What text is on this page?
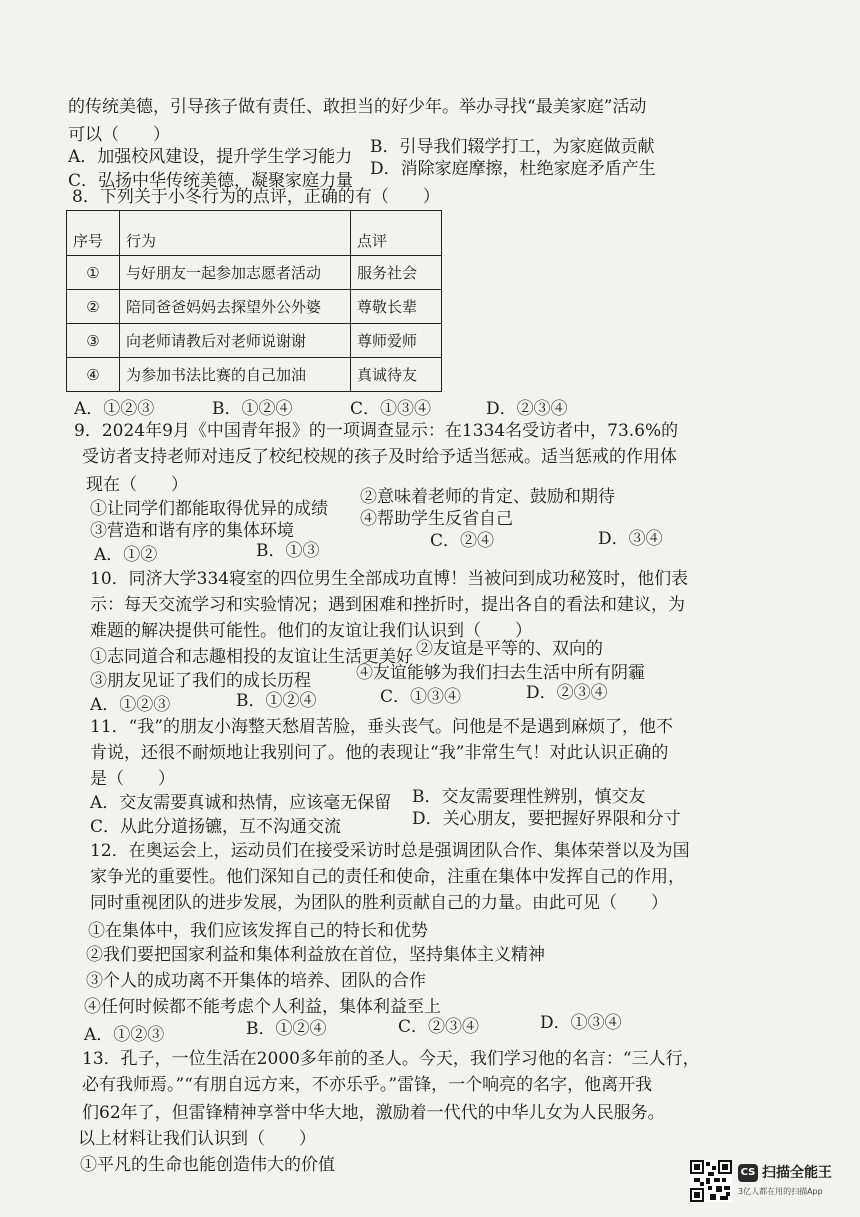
的传统美德，引导孩子做有责任、敢担当的好少年。举办寻找“最美家庭”活动
可以（　　）
A．加强校风建设，提升学生学习能力 B．引导我们辍学打工，为家庭做贡献
C．弘扬中华传统美德，凝聚家庭力量
D．消除家庭摩擦，杜绝家庭矛盾产生
8．下列关于小冬行为的点评，正确的有（　　）
序号	行为	点评
①	与好朋友一起参加志愿者活动	服务社会
②	陪同爸爸妈妈去探望外公外婆	尊敬长辈
③	向老师请教后对老师说谢谢	尊师爱师
④	为参加书法比赛的自己加油	真诚待友
A．①②③	B．①②④	C．①③④	D．②③④
9．2024年9月《中国青年报》的一项调查显示：在1334名受访者中，73.6%的
受访者支持老师对违反了校纪校规的孩子及时给予适当惩戒。适当惩戒的作用体
现在（　　）
①让同学们都能取得优异的成绩
②意味着老师的肯定、鼓励和期待
③营造和谐有序的集体环境
④帮助学生反省自己
A．①②	B．①③	C．②④	D．③④
10．同济大学334寝室的四位男生全部成功直博！当被问到成功秘笈时，他们表
示：每天交流学习和实验情况；遇到困难和挫折时，提出各自的看法和建议，为
难题的解决提供可能性。他们的友谊让我们认识到（　　）
①志同道合和志趣相投的友谊让生活更美好 ②友谊是平等的、双向的
③朋友见证了我们的成长历程	④友谊能够为我们扫去生活中所有阴霾
A．①②③	B．①②④	C．①③④	D．②③④
11．“我”的朋友小海整天愁眉苦脸，垂头丧气。问他是不是遇到麻烦了，他不
肯说，还很不耐烦地让我别问了。他的表现让“我”非常生气！对此认识正确的
是（　　）
A．交友需要真诚和热情，应该毫无保留 B．交友需要理性辨别，慎交友
C．从此分道扬镳，互不沟通交流	D．关心朋友，要把握好界限和分寸
12．在奥运会上，运动员们在接受采访时总是强调团队合作、集体荣誉以及为国
家争光的重要性。他们深知自己的责任和使命，注重在集体中发挥自己的作用，
同时重视团队的进步发展，为团队的胜利贡献自己的力量。由此可见（　　）
①在集体中，我们应该发挥自己的特长和优势
②我们要把国家利益和集体利益放在首位，坚持集体主义精神
③个人的成功离不开集体的培养、团队的合作
④任何时候都不能考虑个人利益，集体利益至上
A．①②③	B．①②④	C．②③④	D．①③④
13．孔子，一位生活在2000多年前的圣人。今天，我们学习他的名言：“三人行，
必有我师焉。”“有朋自远方来，不亦乐乎。”雷锋，一个响亮的名字，他离开我
们62年了，但雷锋精神享誉中华大地，激励着一代代的中华儿女为人民服务。
以上材料让我们认识到（　　）
①平凡的生命也能创造伟大的价值	CS 扫描全能王
3亿人都在用的扫描App
